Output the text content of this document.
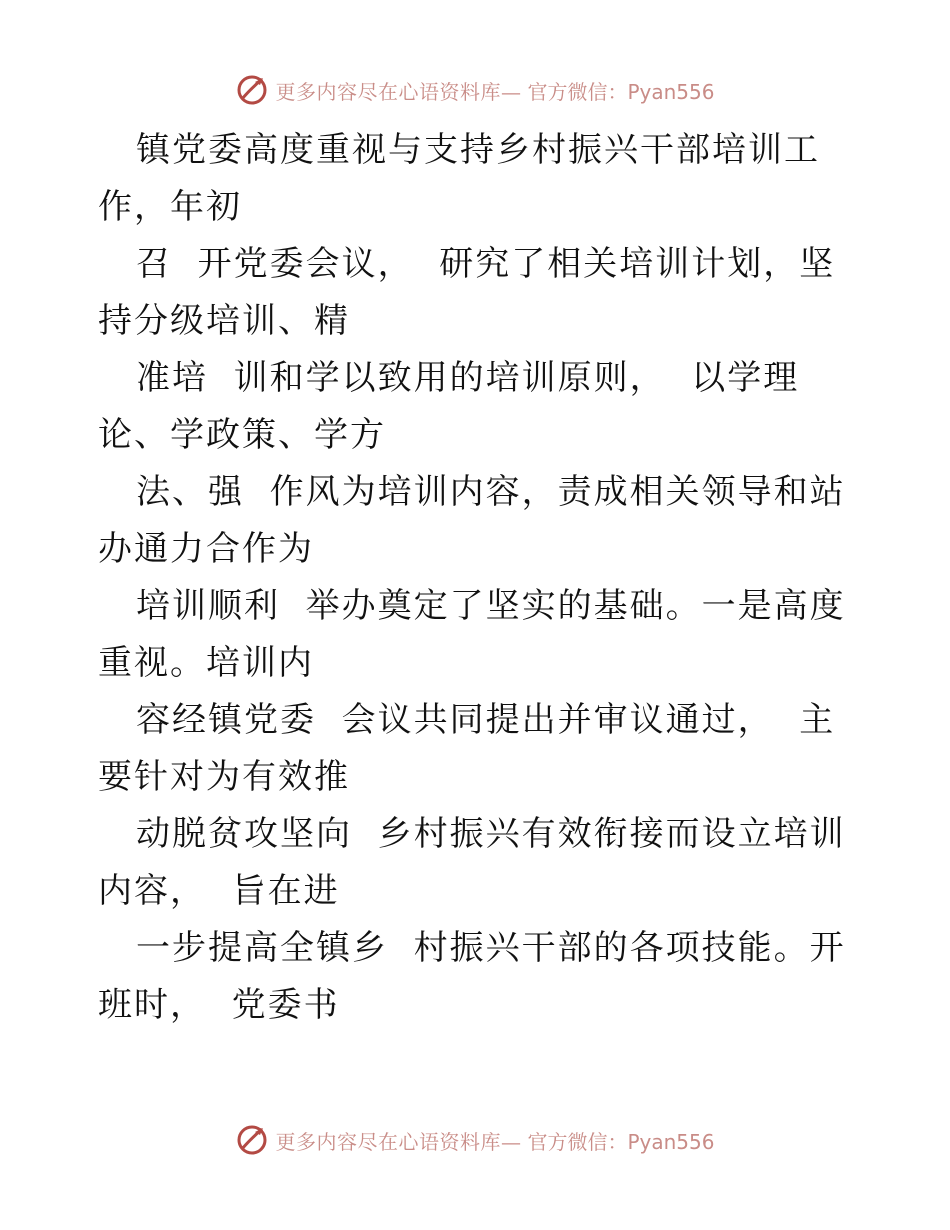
更多内容尽在心语资料库— 官方微信：Pyan556

镇党委高度重视与支持乡村振兴干部培训工作，年初

召  开党委会议，  研究了相关培训计划，坚持分级培训、精

准培  训和学以致用的培训原则，  以学理论、学政策、学方

法、强  作风为培训内容，责成相关领导和站办通力合作为

培训顺利  举办奠定了坚实的基础。一是高度重视。培训内

容经镇党委  会议共同提出并审议通过，  主要针对为有效推

动脱贫攻坚向  乡村振兴有效衔接而设立培训内容，  旨在进

一步提高全镇乡  村振兴干部的各项技能。开班时，  党委书

更多内容尽在心语资料库— 官方微信：Pyan556
